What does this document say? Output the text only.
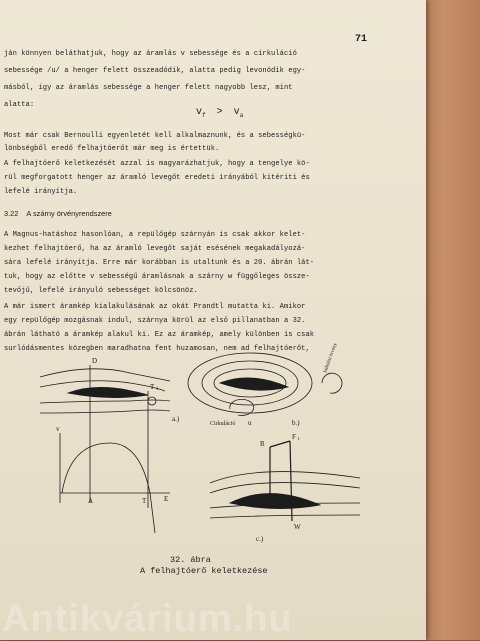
71
ján könnyen beláthatjuk, hogy az áramlás v sebessége és a cirkuláció
sebessége /u/ a henger felett összeadódik, alatta pedig levonódik egy-
másból, így az áramlás sebessége a henger felett nagyobb lesz, mint
alatta:
$v_f > v_a$
Most már csak Bernoulli egyenletét kell alkalmaznunk, és a sebességkü-
lönbségből eredő felhajtóerőt már meg is értettük.
A felhajtóerő keletkezését azzal is magyarázhatjuk, hogy a tengelye kö-
rül megforgatott henger az áramló levegőt eredeti irányából kitériti és
lefelé irányítja.
3.22 A szárny örvényrendszere
A Magnus-hatáshoz hasonlóan, a repülőgép szárnyán is csak akkor kelet-
kezhet felhajtóerő, ha az áramló levegőt saját esésének megakadályozá-
sára lefelé irányítja. Erre már korábban is utaltunk és a 20. ábrán lát-
tuk, hogy az előtte v sebességű áramlásnak a szárny w függőleges össze-
tevőjű, lefelé irányuló sebességet kölcsönöz.
A már ismert áramkép kialakulásának az okát Prandtl mutatta ki. Amikor
egy repülőgép mozgásnak indul, szárnya körül az első pillanatban a 32.
ábrán látható a áramkép alakul ki. Ez az áramkép, amely különben is csak
surlódásmentes közegben maradhatna fent huzamosan, nem ad felhajtóerőt,
D
T 1
v
A	T	E
a.)
Cirkuláció u	b.)
Indulási örvény
R
F t
W
c.)
32. ábra
A felhajtóerő keletkezése
Antikvárium.hu
